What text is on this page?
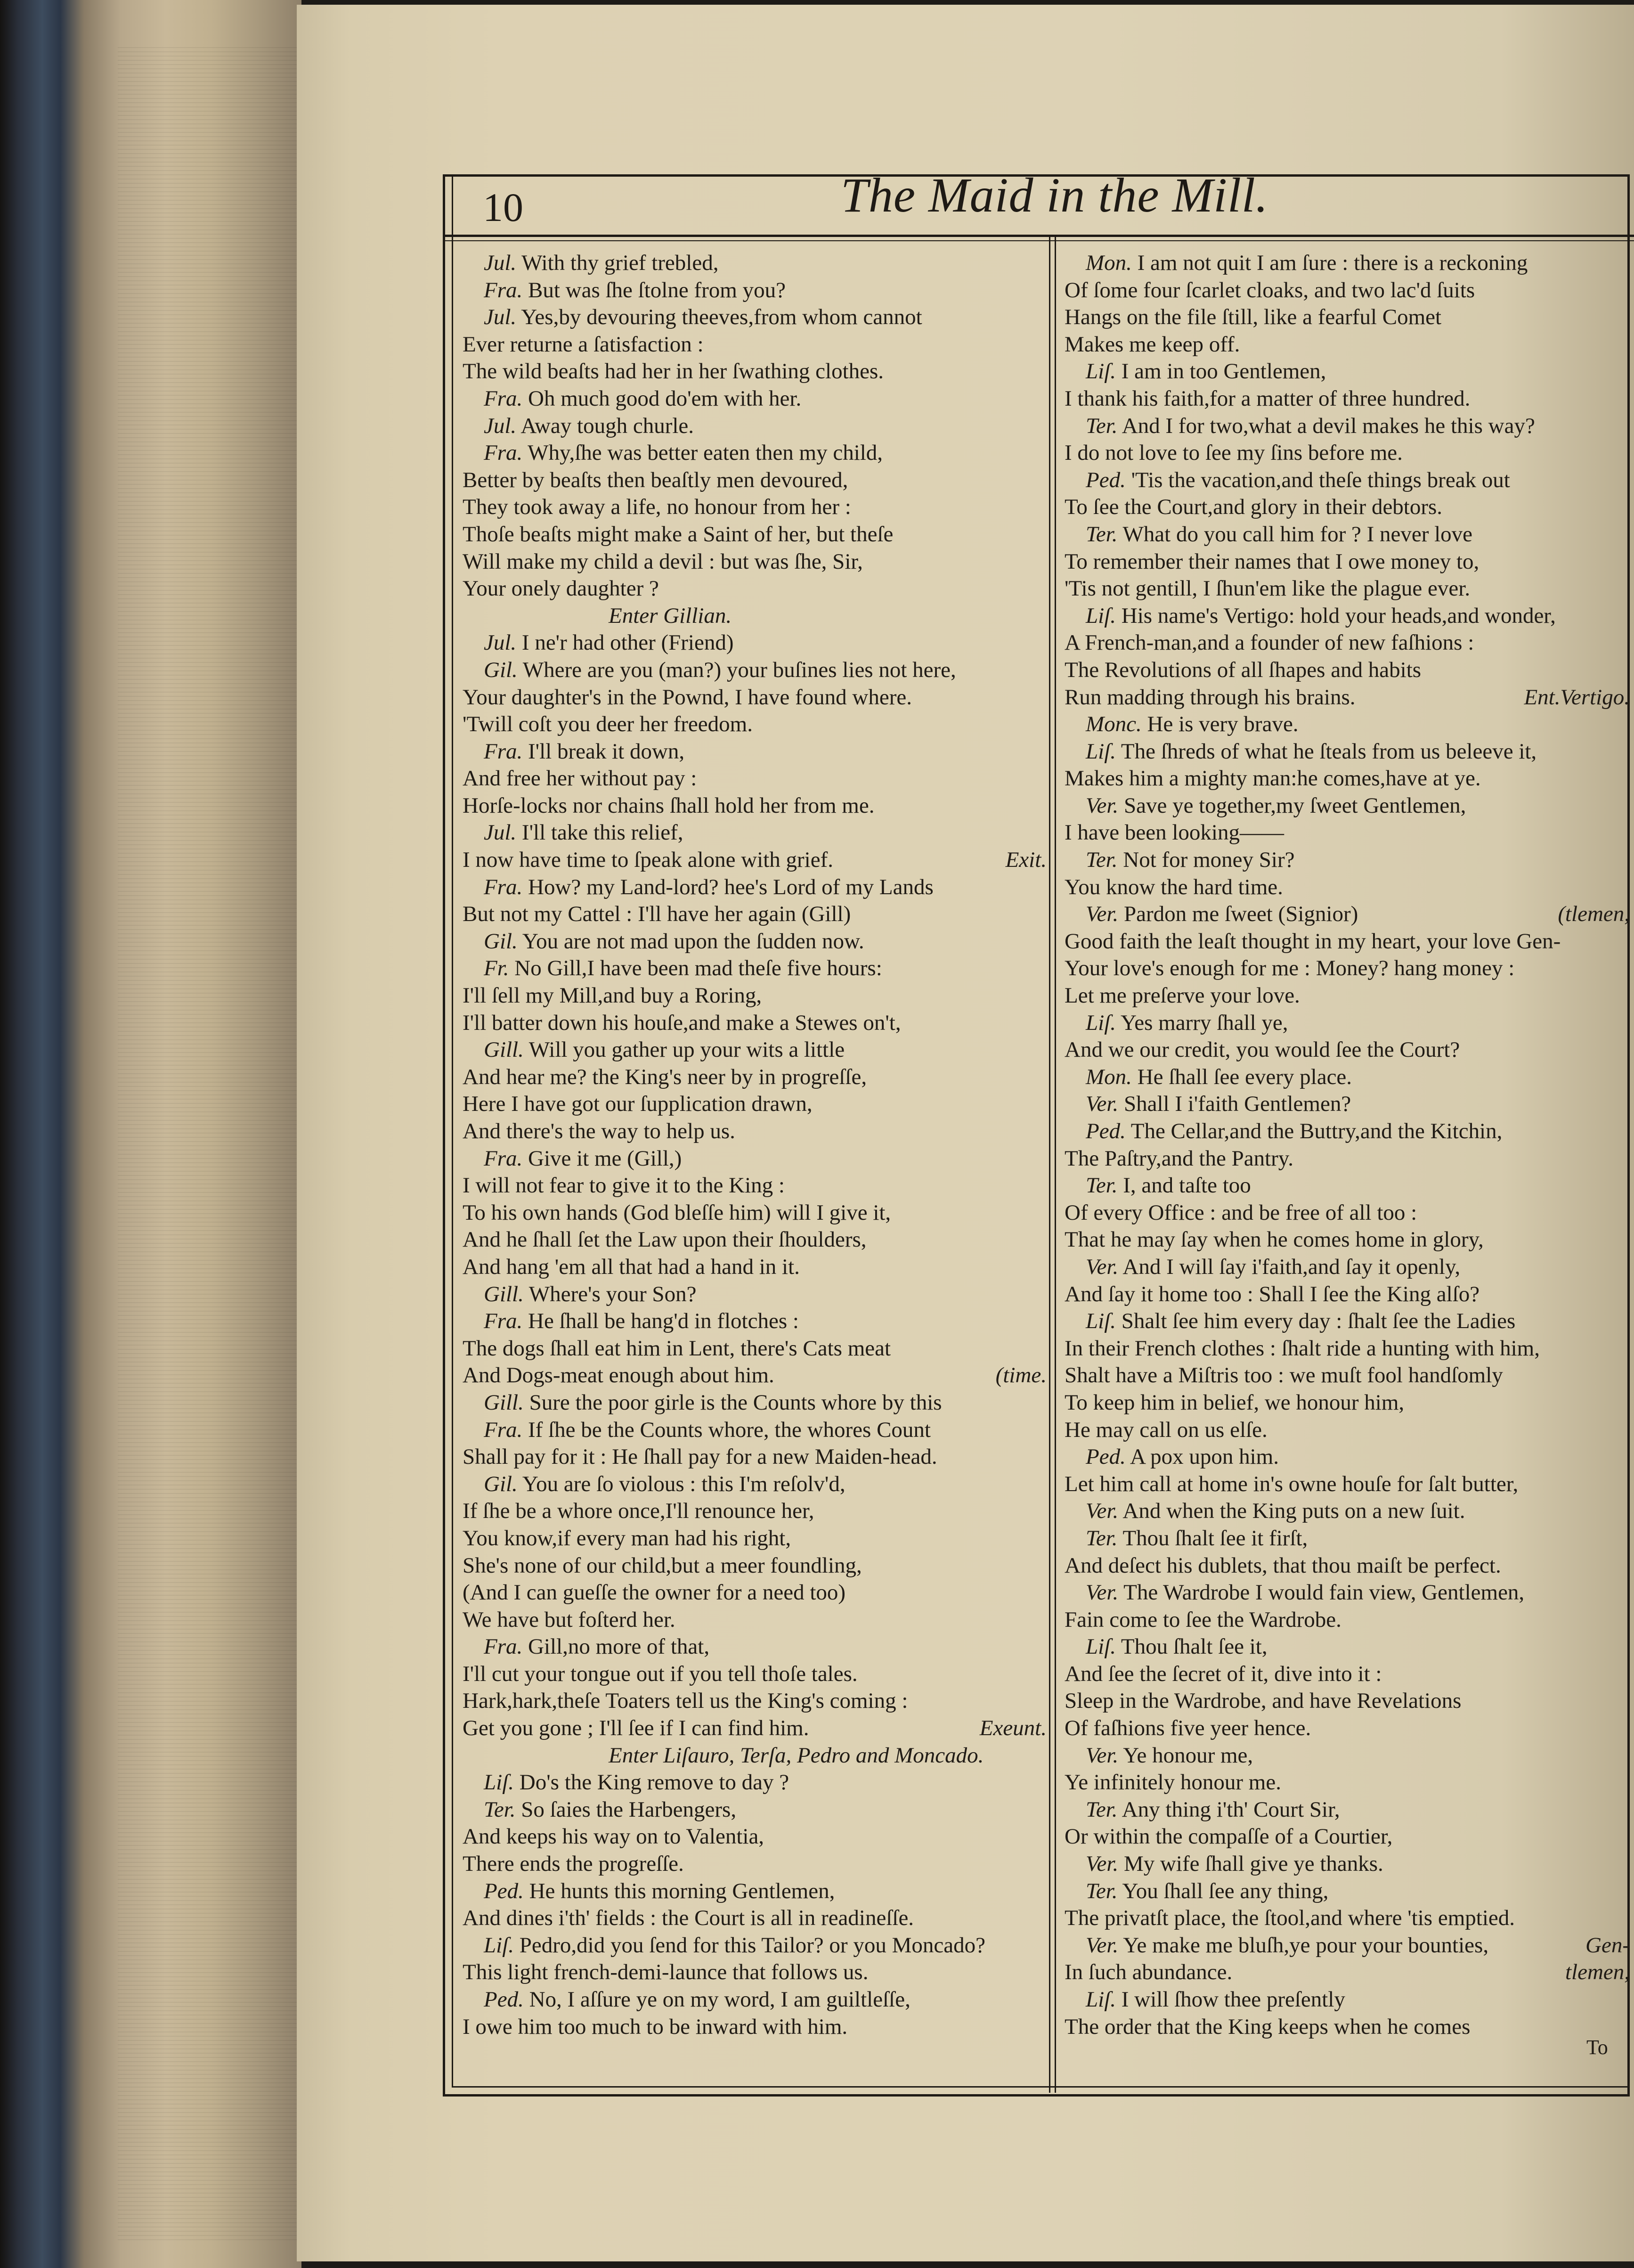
10	The Maid in the Mill.
Jul. With thy grief trebled,
Fra. But was ſhe ſtolne from you?
Jul. Yes,by devouring theeves,from whom cannot
Ever returne a ſatisfaction :
The wild beaſts had her in her ſwathing clothes.
Fra. Oh much good do'em with her.
Jul. Away tough churle.
Fra. Why,ſhe was better eaten then my child,
Better by beaſts then beaſtly men devoured,
They took away a life, no honour from her :
Thoſe beaſts might make a Saint of her, but theſe
Will make my child a devil : but was ſhe, Sir,
Your onely daughter ?
Enter Gillian.
Jul. I ne'r had other (Friend)
Gil. Where are you (man?) your buſines lies not here,
Your daughter's in the Pownd, I have found where.
'Twill coſt you deer her freedom.
Fra. I'll break it down,
And free her without pay :
Horſe-locks nor chains ſhall hold her from me.
Jul. I'll take this relief,
I now have time to ſpeak alone with grief.	Exit.
Fra. How? my Land-lord? hee's Lord of my Lands
But not my Cattel : I'll have her again (Gill)
Gil. You are not mad upon the ſudden now.
Fr. No Gill,I have been mad theſe five hours:
I'll ſell my Mill,and buy a Roring,
I'll batter down his houſe,and make a Stewes on't,
Gill. Will you gather up your wits a little
And hear me? the King's neer by in progreſſe,
Here I have got our ſupplication drawn,
And there's the way to help us.
Fra. Give it me (Gill,)
I will not fear to give it to the King :
To his own hands (God bleſſe him) will I give it,
And he ſhall ſet the Law upon their ſhoulders,
And hang 'em all that had a hand in it.
Gill. Where's your Son?
Fra. He ſhall be hang'd in flotches :
The dogs ſhall eat him in Lent, there's Cats meat
And Dogs-meat enough about him.	(time.
Gill. Sure the poor girle is the Counts whore by this
Fra. If ſhe be the Counts whore, the whores Count
Shall pay for it : He ſhall pay for a new Maiden-head.
Gil. You are ſo violous : this I'm reſolv'd,
If ſhe be a whore once,I'll renounce her,
You know,if every man had his right,
She's none of our child,but a meer foundling,
(And I can gueſſe the owner for a need too)
We have but foſterd her.
Fra. Gill,no more of that,
I'll cut your tongue out if you tell thoſe tales.
Hark,hark,theſe Toaters tell us the King's coming :
Get you gone ; I'll ſee if I can find him.	Exeunt.
Enter Liſauro, Terſa, Pedro and Moncado.
Liſ. Do's the King remove to day ?
Ter. So ſaies the Harbengers,
And keeps his way on to Valentia,
There ends the progreſſe.
Ped. He hunts this morning Gentlemen,
And dines i'th' fields : the Court is all in readineſſe.
Liſ. Pedro,did you ſend for this Tailor? or you Moncado?
This light french-demi-launce that follows us.
Ped. No, I aſſure ye on my word, I am guiltleſſe,
I owe him too much to be inward with him.
Mon. I am not quit I am ſure : there is a reckoning
Of ſome four ſcarlet cloaks, and two lac'd ſuits
Hangs on the file ſtill, like a fearful Comet
Makes me keep off.
Liſ. I am in too Gentlemen,
I thank his faith,for a matter of three hundred.
Ter. And I for two,what a devil makes he this way?
I do not love to ſee my ſins before me.
Ped. 'Tis the vacation,and theſe things break out
To ſee the Court,and glory in their debtors.
Ter. What do you call him for ? I never love
To remember their names that I owe money to,
'Tis not gentill, I ſhun'em like the plague ever.
Liſ. His name's Vertigo: hold your heads,and wonder,
A French-man,and a founder of new faſhions :
The Revolutions of all ſhapes and habits
Run madding through his brains.	Ent.Vertigo.
Monc. He is very brave.
Liſ. The ſhreds of what he ſteals from us beleeve it,
Makes him a mighty man:he comes,have at ye.
Ver. Save ye together,my ſweet Gentlemen,
I have been looking——
Ter. Not for money Sir?
You know the hard time.
Ver. Pardon me ſweet (Signior)	(tlemen,
Good faith the leaſt thought in my heart, your love Gen-
Your love's enough for me : Money? hang money :
Let me preſerve your love.
Liſ. Yes marry ſhall ye,
And we our credit, you would ſee the Court?
Mon. He ſhall ſee every place.
Ver. Shall I i'faith Gentlemen?
Ped. The Cellar,and the Buttry,and the Kitchin,
The Paſtry,and the Pantry.
Ter. I, and taſte too
Of every Office : and be free of all too :
That he may ſay when he comes home in glory,
Ver. And I will ſay i'faith,and ſay it openly,
And ſay it home too : Shall I ſee the King alſo?
Liſ. Shalt ſee him every day : ſhalt ſee the Ladies
In their French clothes : ſhalt ride a hunting with him,
Shalt have a Miſtris too : we muſt fool handſomly
To keep him in belief, we honour him,
He may call on us elſe.
Ped. A pox upon him.
Let him call at home in's owne houſe for ſalt butter,
Ver. And when the King puts on a new ſuit.
Ter. Thou ſhalt ſee it firſt,
And deſect his dublets, that thou maiſt be perfect.
Ver. The Wardrobe I would fain view, Gentlemen,
Fain come to ſee the Wardrobe.
Liſ. Thou ſhalt ſee it,
And ſee the ſecret of it, dive into it :
Sleep in the Wardrobe, and have Revelations
Of faſhions five yeer hence.
Ver. Ye honour me,
Ye infinitely honour me.
Ter. Any thing i'th' Court Sir,
Or within the compaſſe of a Courtier,
Ver. My wife ſhall give ye thanks.
Ter. You ſhall ſee any thing,
The privatſt place, the ſtool,and where 'tis emptied.
Ver. Ye make me bluſh,ye pour your bounties,	Gen-
In ſuch abundance.	tlemen,
Liſ. I will ſhow thee preſently
The order that the King keeps when he comes
To
